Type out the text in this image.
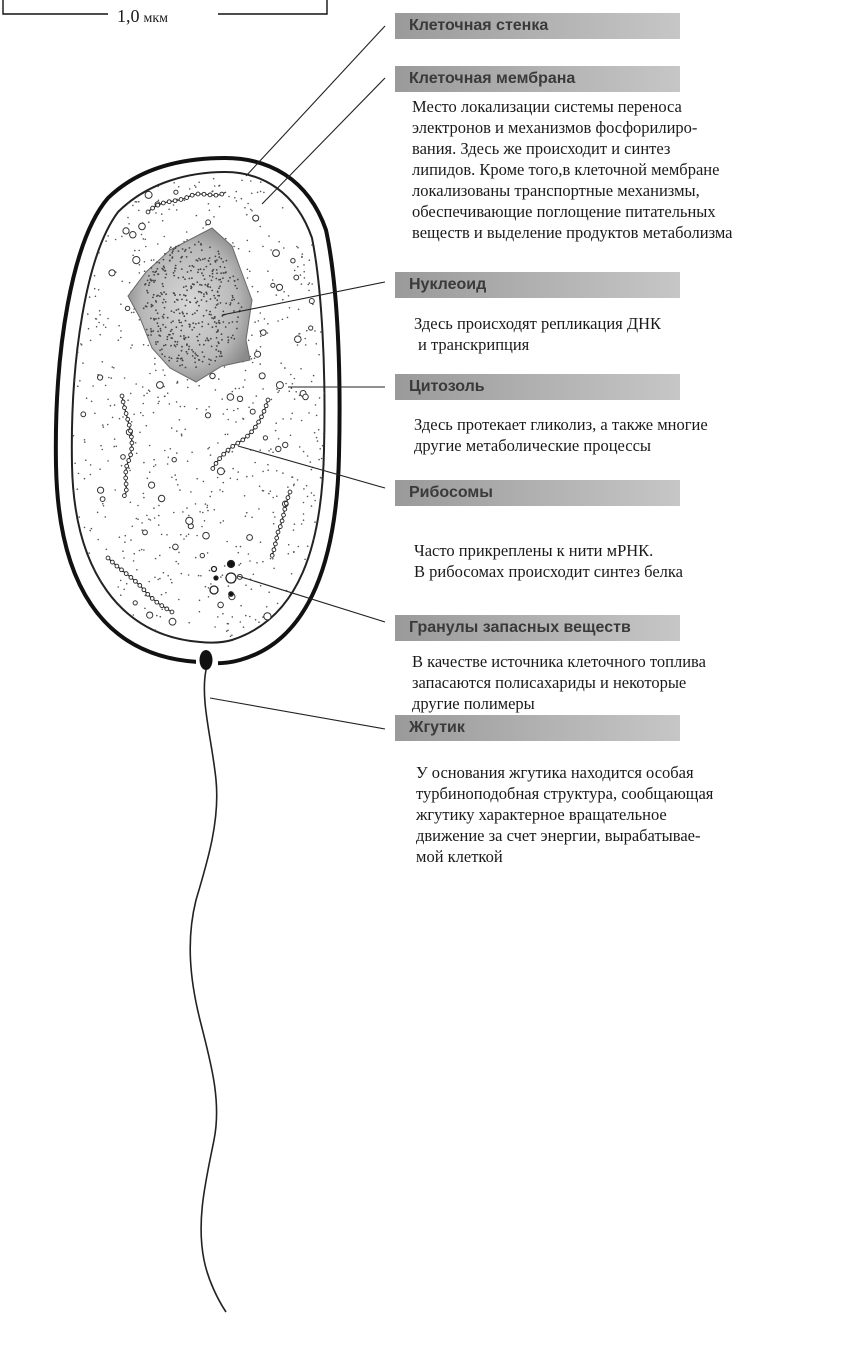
1,0 мкм	Клеточная стенка
Клеточная мембрана
Место локализации системы переноса
электронов и механизмов фосфорилиро-
вания. Здесь же происходит и синтез
липидов. Кроме того,в клеточной мембране
локализованы транспортные механизмы,
обеспечивающие поглощение питательных
веществ и выделение продуктов метаболизма
Нуклеоид
Здесь происходят репликация ДНК
и транскрипция
Цитозоль
Здесь протекает гликолиз, а также многие
другие метаболические процессы
Рибосомы
Часто прикреплены к нити мРНК.
В рибосомах происходит синтез белка
Гранулы запасных веществ
В качестве источника клеточного топлива
запасаются полисахариды и некоторые
другие полимеры
Жгутик
У основания жгутика находится особая
турбиноподобная структура, сообщающая
жгутику характерное вращательное
движение за счет энергии, вырабатывае-
мой клеткой
